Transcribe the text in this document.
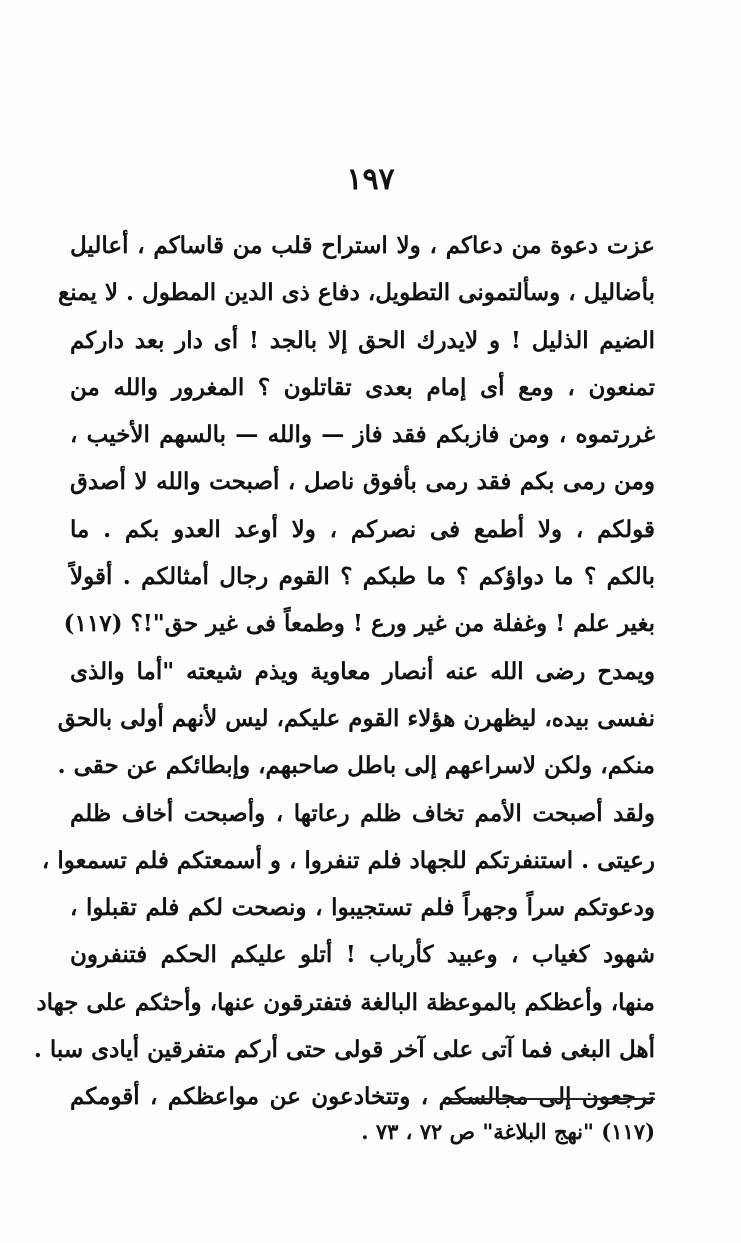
١٩٧
عزت دعوة من دعاكم ، ولا استراح قلب من قاساكم ، أعاليل
بأضاليل ، وسألتمونى التطويل، دفاع ذى الدين المطول . لا يمنع
الضيم الذليل ! و لايدرك الحق إلا بالجد ! أى دار بعد داركم
تمنعون ، ومع أى إمام بعدى تقاتلون ؟ المغرور والله من
غررتموه ، ومن فازبكم فقد فاز — والله — بالسهم الأخيب ،
ومن رمى بكم فقد رمى بأفوق ناصل ، أصبحت والله لا أصدق
قولكم ، ولا أطمع فى نصركم ، ولا أوعد العدو بكم . ما
بالكم ؟ ما دواؤكم ؟ ما طبكم ؟ القوم رجال أمثالكم . أقولاً
بغير علم ! وغفلة من غير ورع ! وطمعاً فى غير حق"!؟ (١١٧)
ويمدح رضى الله عنه أنصار معاوية ويذم شيعته "أما والذى
نفسى بيده، ليظهرن هؤلاء القوم عليكم، ليس لأنهم أولى بالحق
منكم، ولكن لاسراعهم إلى باطل صاحبهم، وإبطائكم عن حقى .
ولقد أصبحت الأمم تخاف ظلم رعاتها ، وأصبحت أخاف ظلم
رعيتى . استنفرتكم للجهاد فلم تنفروا ، و أسمعتكم فلم تسمعوا ،
ودعوتكم سراً وجهراً فلم تستجيبوا ، ونصحت لكم فلم تقبلوا ،
شهود كغياب ، وعبيد كأرباب ! أتلو عليكم الحكم فتنفرون
منها، وأعظكم بالموعظة البالغة فتفترقون عنها، وأحثكم على جهاد
أهل البغى فما آتى على آخر قولى حتى أركم متفرقين أيادى سبا .
ترجعون إلى مجالسكم ، وتتخادعون عن مواعظكم ، أقومكم
(١١٧) "نهج البلاغة" ص ٧٢ ، ٧٣ .
